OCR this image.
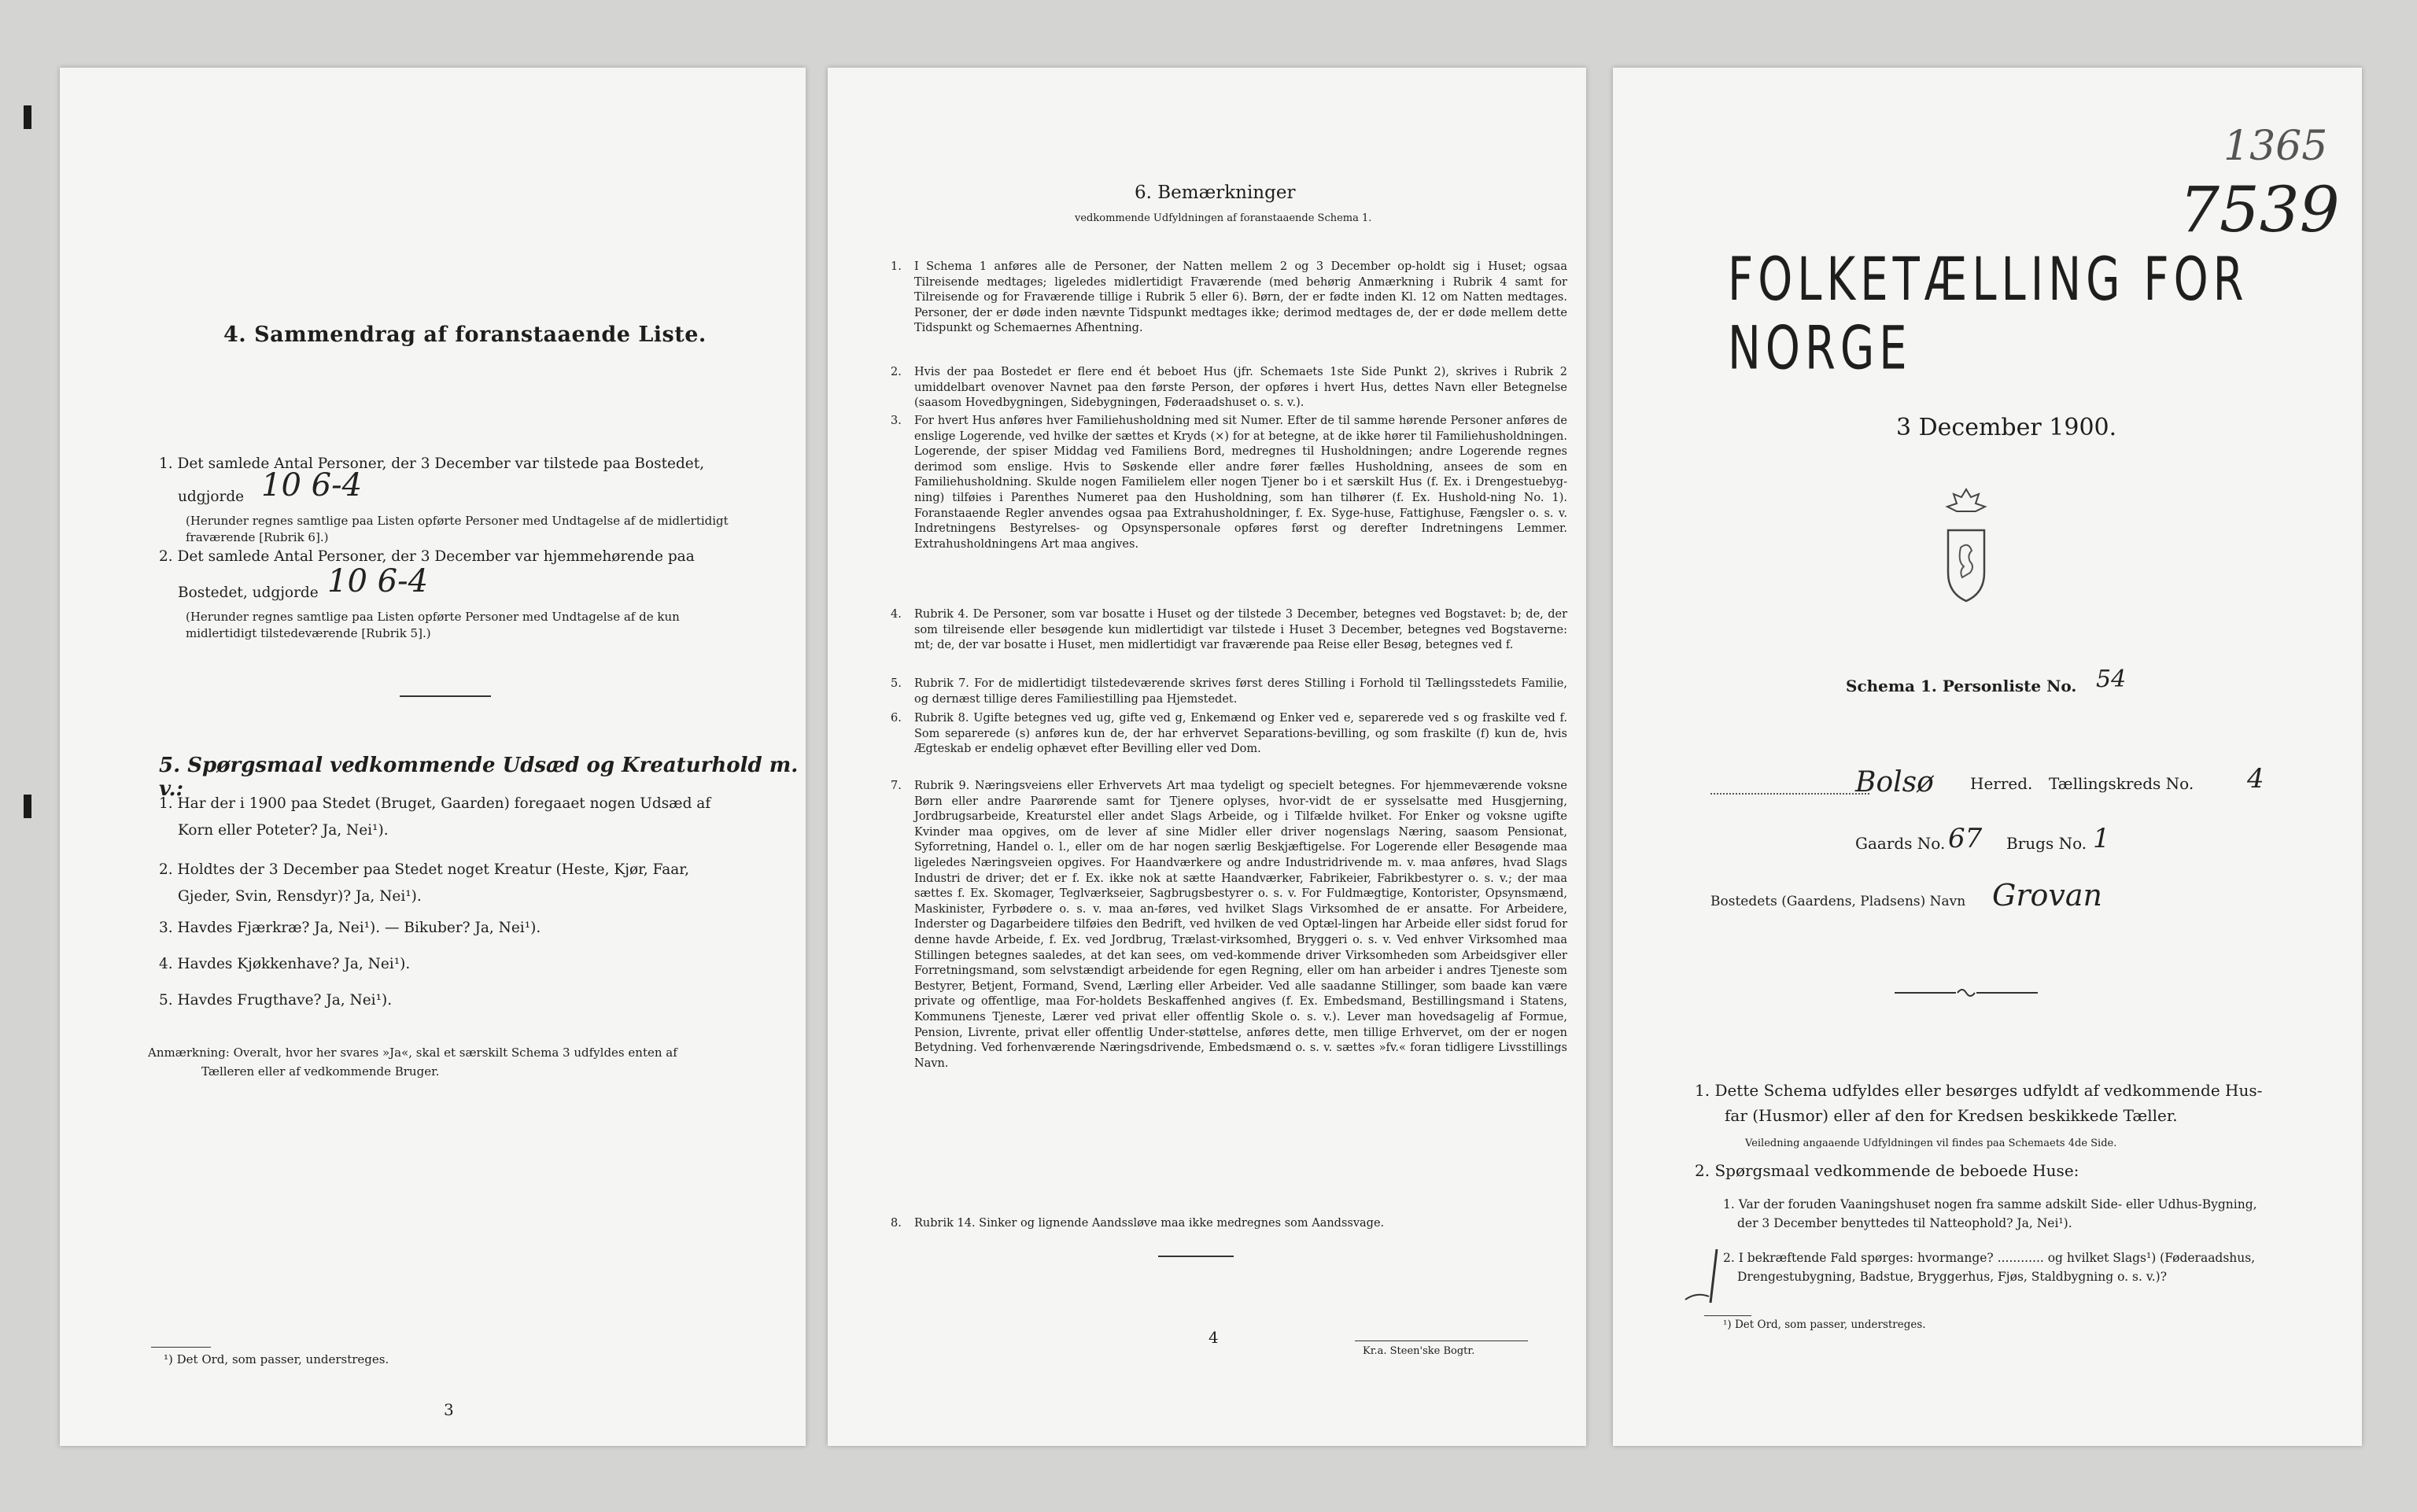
4. Sammendrag af foranstaaende Liste.
1. Det samlede Antal Personer, der 3 December var tilstede paa Bostedet,
udgjorde 10 6-4
(Herunder regnes samtlige paa Listen opførte Personer med Undtagelse af de midlertidigt
fraværende [Rubrik 6].)
2. Det samlede Antal Personer, der 3 December var hjemmehørende paa
Bostedet, udgjorde 10 6-4
(Herunder regnes samtlige paa Listen opførte Personer med Undtagelse af de kun
midlertidigt tilstedeværende [Rubrik 5].)
5. Spørgsmaal vedkommende Udsæd og Kreaturhold m. v.:
1. Har der i 1900 paa Stedet (Bruget, Gaarden) foregaaet nogen Udsæd af
Korn eller Poteter? Ja, Nei¹).
2. Holdtes der 3 December paa Stedet noget Kreatur (Heste, Kjør, Faar,
Gjeder, Svin, Rensdyr)? Ja, Nei¹).
3. Havdes Fjærkræ? Ja, Nei¹). — Bikuber? Ja, Nei¹).
4. Havdes Kjøkkenhave? Ja, Nei¹).
5. Havdes Frugthave? Ja, Nei¹).
Anmærkning: Overalt, hvor her svares »Ja«, skal et særskilt Schema 3 udfyldes enten af
Tælleren eller af vedkommende Bruger.
¹) Det Ord, som passer, understreges.
3
6. Bemærkninger
vedkommende Udfyldningen af foranstaaende Schema 1.
1. I Schema 1 anføres alle de Personer, der Natten mellem 2 og 3 December op-holdt sig i Huset; ogsaa Tilreisende medtages; ligeledes midlertidigt Fraværende (med behørig Anmærkning i Rubrik 4 samt for Tilreisende og for Fraværende tillige i Rubrik 5 eller 6). Børn, der er fødte inden Kl. 12 om Natten medtages. Personer, der er døde inden nævnte Tidspunkt medtages ikke; derimod medtages de, der er døde mellem dette Tidspunkt og Schemaernes Afhentning.
2. Hvis der paa Bostedet er flere end ét beboet Hus (jfr. Schemaets 1ste Side Punkt 2), skrives i Rubrik 2 umiddelbart ovenover Navnet paa den første Person, der opføres i hvert Hus, dettes Navn eller Betegnelse (saasom Hovedbygningen, Sidebygningen, Føderaadshuset o. s. v.).
3. For hvert Hus anføres hver Familiehusholdning med sit Numer. Efter de til samme hørende Personer anføres de enslige Logerende, ved hvilke der sættes et Kryds (×) for at betegne, at de ikke hører til Familiehusholdningen. Logerende, der spiser Middag ved Familiens Bord, medregnes til Husholdningen; andre Logerende regnes derimod som enslige. Hvis to Søskende eller andre fører fælles Husholdning, ansees de som en Familiehusholdning. Skulde nogen Familielem eller nogen Tjener bo i et særskilt Hus (f. Ex. i Drengestuebyg-ning) tilføies i Parenthes Numeret paa den Husholdning, som han tilhører (f. Ex. Hushold-ning No. 1). Foranstaaende Regler anvendes ogsaa paa Extrahusholdninger, f. Ex. Syge-huse, Fattighuse, Fængsler o. s. v. Indretningens Bestyrelses- og Opsynspersonale opføres først og derefter Indretningens Lemmer. Extrahusholdningens Art maa angives.
4. Rubrik 4. De Personer, som var bosatte i Huset og der tilstede 3 December, betegnes ved Bogstavet: b; de, der som tilreisende eller besøgende kun midlertidigt var tilstede i Huset 3 December, betegnes ved Bogstaverne: mt; de, der var bosatte i Huset, men midlertidigt var fraværende paa Reise eller Besøg, betegnes ved f.
5. Rubrik 7. For de midlertidigt tilstedeværende skrives først deres Stilling i Forhold til Tællingsstedets Familie, og dernæst tillige deres Familiestilling paa Hjemstedet.
6. Rubrik 8. Ugifte betegnes ved ug, gifte ved g, Enkemænd og Enker ved e, separerede ved s og fraskilte ved f. Som separerede (s) anføres kun de, der har erhvervet Separations-bevilling, og som fraskilte (f) kun de, hvis Ægteskab er endelig ophævet efter Bevilling eller ved Dom.
7. Rubrik 9. Næringsveiens eller Erhvervets Art maa tydeligt og specielt betegnes. For hjemmeværende voksne Børn eller andre Paarørende samt for Tjenere oplyses, hvor-vidt de er sysselsatte med Husgjerning, Jordbrugsarbeide, Kreaturstel eller andet Slags Arbeide, og i Tilfælde hvilket. For Enker og voksne ugifte Kvinder maa opgives, om de lever af sine Midler eller driver nogenslags Næring, saasom Pensionat, Syforretning, Handel o. l., eller om de har nogen særlig Beskjæftigelse. For Logerende eller Besøgende maa ligeledes Næringsveien opgives. For Haandværkere og andre Industridrivende m. v. maa anføres, hvad Slags Industri de driver; det er f. Ex. ikke nok at sætte Haandværker, Fabrikeier, Fabrikbestyrer o. s. v.; der maa sættes f. Ex. Skomager, Teglværkseier, Sagbrugsbestyrer o. s. v. For Fuldmægtige, Kontorister, Opsynsmænd, Maskinister, Fyrbødere o. s. v. maa an-føres, ved hvilket Slags Virksomhed de er ansatte. For Arbeidere, Inderster og Dagarbeidere tilføies den Bedrift, ved hvilken de ved Optæl-lingen har Arbeide eller sidst forud for denne havde Arbeide, f. Ex. ved Jordbrug, Trælast-virksomhed, Bryggeri o. s. v. Ved enhver Virksomhed maa Stillingen betegnes saaledes, at det kan sees, om ved-kommende driver Virksomheden som Arbeidsgiver eller Forretningsmand, som selvstændigt arbeidende for egen Regning, eller om han arbeider i andres Tjeneste som Bestyrer, Betjent, Formand, Svend, Lærling eller Arbeider. Ved alle saadanne Stillinger, som baade kan være private og offentlige, maa For-holdets Beskaffenhed angives (f. Ex. Embedsmand, Bestillingsmand i Statens, Kommunens Tjeneste, Lærer ved privat eller offentlig Skole o. s. v.). Lever man hovedsagelig af Formue, Pension, Livrente, privat eller offentlig Under-støttelse, anføres dette, men tillige Erhvervet, om der er nogen Betydning. Ved forhenværende Næringsdrivende, Embedsmænd o. s. v. sættes »fv.« foran tidligere Livsstillings Navn.
8. Rubrik 14. Sinker og lignende Aandssløve maa ikke medregnes som Aandssvage.
4
Kr.a. Steen'ske Bogtr.
1365
7539
FOLKETÆLLING FOR NORGE
3 December 1900.
Schema 1. Personliste No. 54
Bolsø Herred. Tællingskreds No. 4
Gaards No. 67 Brugs No. 1
Bostedets (Gaardens, Pladsens) Navn Grovan
1. Dette Schema udfyldes eller besørges udfyldt af vedkommende Hus-
far (Husmor) eller af den for Kredsen beskikkede Tæller.
Veiledning angaaende Udfyldningen vil findes paa Schemaets 4de Side.
2. Spørgsmaal vedkommende de beboede Huse:
1. Var der foruden Vaaningshuset nogen fra samme adskilt Side- eller Udhus-Bygning,
der 3 December benyttedes til Natteophold? Ja, Nei¹).
2. I bekræftende Fald spørges: hvormange? ............ og hvilket Slags¹) (Føderaadshus,
Drengestubygning, Badstue, Bryggerhus, Fjøs, Staldbygning o. s. v.)?
¹) Det Ord, som passer, understreges.
